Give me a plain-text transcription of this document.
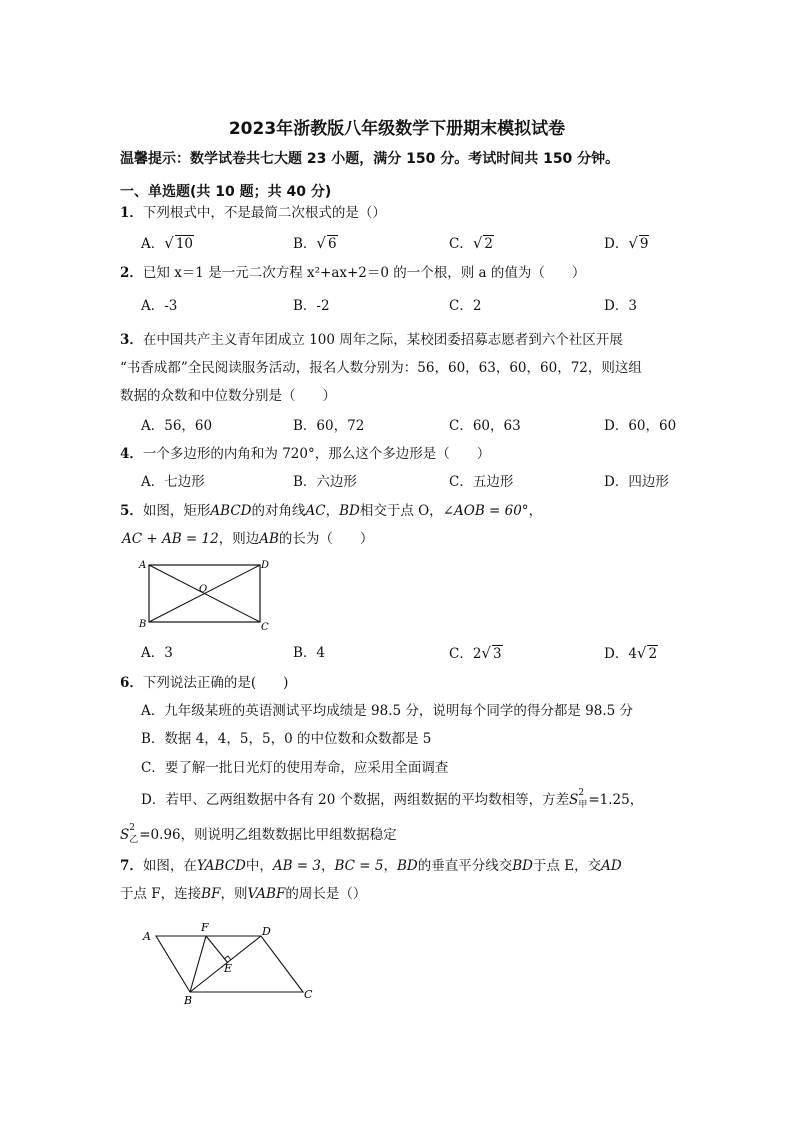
2023年浙教版八年级数学下册期末模拟试卷
温馨提示：数学试卷共七大题 23 小题，满分 150 分。考试时间共 150 分钟。
一、单选题(共 10 题；共 40 分)
1．下列根式中，不是最简二次根式的是（）
A．√ 10	B．√ 6	C．√ 2	D．√ 9
2．已知 x＝1 是一元二次方程 x²+ax+2＝0 的一个根，则 a 的值为（　　）
A．-3	B．-2	C．2	D．3
3．在中国共产主义青年团成立 100 周年之际，某校团委招募志愿者到六个社区开展
“书香成都”全民阅读服务活动，报名人数分别为：56，60，63，60，60，72，则这组
数据的众数和中位数分别是（　　）
A．56，60	B．60，72	C．60，63	D．60，60
4．一个多边形的内角和为 720°，那么这个多边形是（　　）
A．七边形	B．六边形	C．五边形	D．四边形
5．如图，矩形ABCD的对角线AC，BD相交于点 O，∠AOB = 60°，
AC + AB = 12，则边AB的长为（　　）
A	D
B	C
O
A．3	B．4	C．2√ 3	D．4√ 2
6．下列说法正确的是(　　)
A．九年级某班的英语测试平均成绩是 98.5 分，说明每个同学的得分都是 98.5 分
B．数据 4，4，5，5，0 的中位数和众数都是 5
C．要了解一批日光灯的使用寿命，应采用全面调查
D．若甲、乙两组数据中各有 20 个数据，两组数据的平均数相等，方差S 2
甲 =1.25，
S 2
乙 =0.96，则说明乙组数数据比甲组数据稳定
7．如图，在YABCD中，AB = 3，BC = 5，BD的垂直平分线交BD于点 E，交AD
于点 F，连接BF，则VABF的周长是（）
A
F	D
E
B	C
